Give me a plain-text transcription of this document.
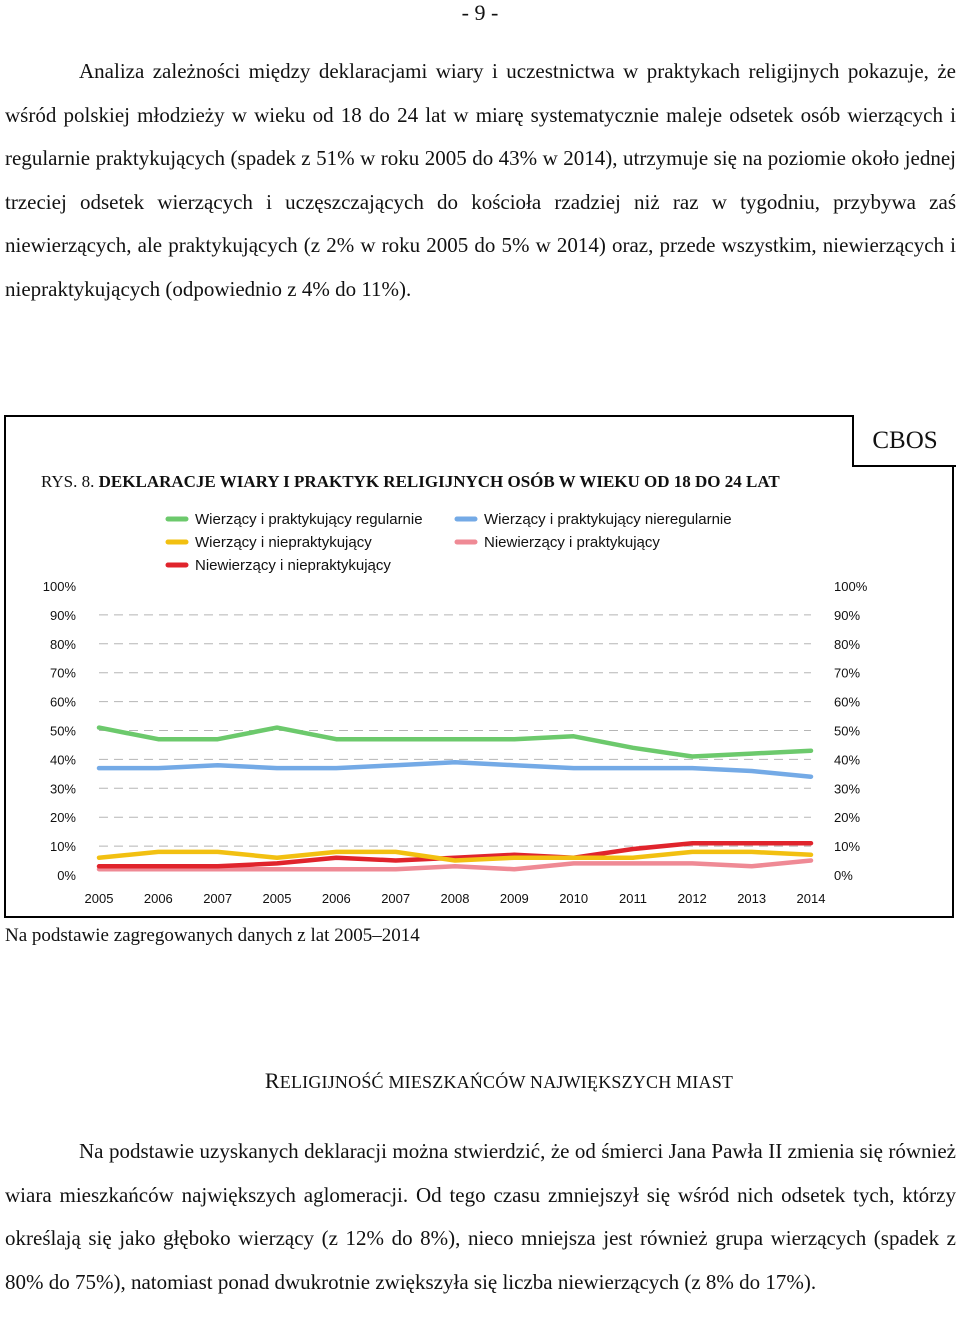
- 9 -

Analiza zależności między deklaracjami wiary i uczestnictwa w praktykach religijnych pokazuje, że wśród polskiej młodzieży w wieku od 18 do 24 lat w miarę systematycznie maleje odsetek osób wierzących i regularnie praktykujących (spadek z 51% w roku 2005 do 43% w 2014), utrzymuje się na poziomie około jednej trzeciej odsetek wierzących i uczęszczających do kościoła rzadziej niż raz w tygodniu, przybywa zaś niewierzących, ale praktykujących (z 2% w roku 2005 do 5% w 2014) oraz, przede wszystkim, niewierzących i niepraktykujących (odpowiednio z 4% do 11%).

CBOS
RYS. 8. DEKLARACJE WIARY I PRAKTYK RELIGIJNYCH OSÓB W WIEKU OD 18 DO 24 LAT
0%	0%
10%	10%
20%	20%
30%	30%
40%	40%
50%	50%
60%	60%
70%	70%
80%	80%
90%	90%
100%	100%
2005 2006 2007 2005 2006 2007 2008 2009 2010 2011 2012 2013 2014
Wierzący i praktykujący regularnie	Wierzący i praktykujący nieregularnie
Wierzący i niepraktykujący	Niewierzący i praktykujący
Niewierzący i niepraktykujący
Na podstawie zagregowanych danych z lat 2005–2014
RELIGIJNOŚĆ MIESZKAŃCÓW NAJWIĘKSZYCH MIAST

Na podstawie uzyskanych deklaracji można stwierdzić, że od śmierci Jana Pawła II zmienia się również wiara mieszkańców największych aglomeracji. Od tego czasu zmniejszył się wśród nich odsetek tych, którzy określają się jako głęboko wierzący (z 12% do 8%), nieco mniejsza jest również grupa wierzących (spadek z 80% do 75%), natomiast ponad dwukrotnie zwiększyła się liczba niewierzących (z 8% do 17%).
